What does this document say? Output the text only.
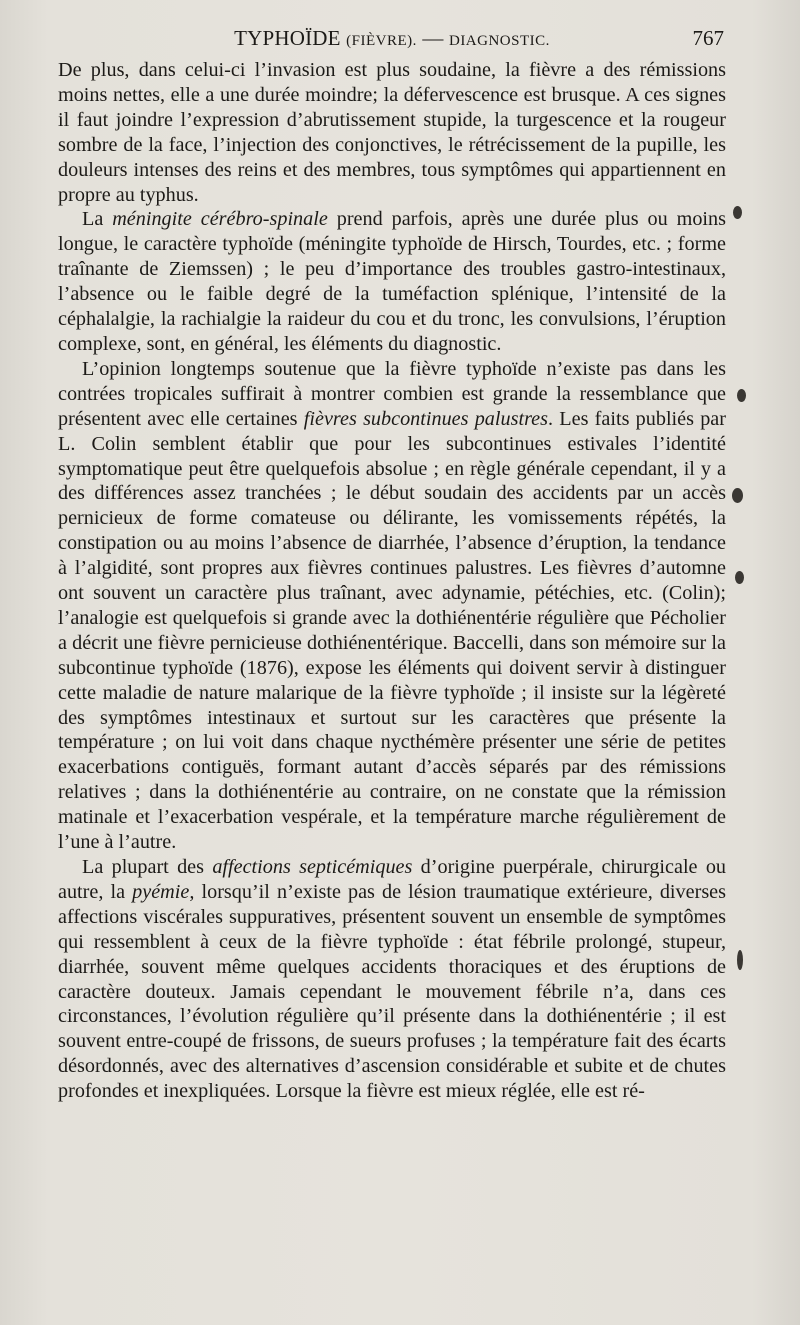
TYPHOÏDE (FIÈVRE). — DIAGNOSTIC.	767

De plus, dans celui-ci l’invasion est plus soudaine, la fièvre a des rémissions moins nettes, elle a une durée moindre; la défervescence est brusque. A ces signes il faut joindre l’expression d’abrutissement stupide, la turgescence et la rougeur sombre de la face, l’injection des conjonctives, le rétrécissement de la pupille, les douleurs intenses des reins et des membres, tous symptômes qui appartiennent en propre au typhus.

La méningite cérébro-spinale prend parfois, après une durée plus ou moins longue, le caractère typhoïde (méningite typhoïde de Hirsch, Tourdes, etc. ; forme traînante de Ziemssen) ; le peu d’importance des troubles gastro-intestinaux, l’absence ou le faible degré de la tuméfaction splénique, l’intensité de la céphalalgie, la rachialgie la raideur du cou et du tronc, les convulsions, l’éruption complexe, sont, en général, les éléments du diagnostic.

L’opinion longtemps soutenue que la fièvre typhoïde n’existe pas dans les contrées tropicales suffirait à montrer combien est grande la ressemblance que présentent avec elle certaines fièvres subcontinues palustres. Les faits publiés par L. Colin semblent établir que pour les subcontinues estivales l’identité symptomatique peut être quelquefois absolue ; en règle générale cependant, il y a des différences assez tranchées ; le début soudain des accidents par un accès pernicieux de forme comateuse ou délirante, les vomissements répétés, la constipation ou au moins l’absence de diarrhée, l’absence d’éruption, la tendance à l’algidité, sont propres aux fièvres continues palustres. Les fièvres d’automne ont souvent un caractère plus traînant, avec adynamie, pétéchies, etc. (Colin); l’analogie est quelquefois si grande avec la dothiénentérie régulière que Pécholier a décrit une fièvre pernicieuse dothiénentérique. Baccelli, dans son mémoire sur la subcontinue typhoïde (1876), expose les éléments qui doivent servir à distinguer cette maladie de nature malarique de la fièvre typhoïde ; il insiste sur la légèreté des symptômes intestinaux et surtout sur les caractères que présente la température ; on lui voit dans chaque nycthémère présenter une série de petites exacerbations contiguës, formant autant d’accès séparés par des rémissions relatives ; dans la dothiénentérie au contraire, on ne constate que la rémission matinale et l’exacerbation vespérale, et la température marche régulièrement de l’une à l’autre.

La plupart des affections septicémiques d’origine puerpérale, chirurgicale ou autre, la pyémie, lorsqu’il n’existe pas de lésion traumatique extérieure, diverses affections viscérales suppuratives, présentent souvent un ensemble de symptômes qui ressemblent à ceux de la fièvre typhoïde : état fébrile prolongé, stupeur, diarrhée, souvent même quelques accidents thoraciques et des éruptions de caractère douteux. Jamais cependant le mouvement fébrile n’a, dans ces circonstances, l’évolution régulière qu’il présente dans la dothiénentérie ; il est souvent entre-coupé de frissons, de sueurs profuses ; la température fait des écarts désordonnés, avec des alternatives d’ascension considérable et subite et de chutes profondes et inexpliquées. Lorsque la fièvre est mieux réglée, elle est ré-
